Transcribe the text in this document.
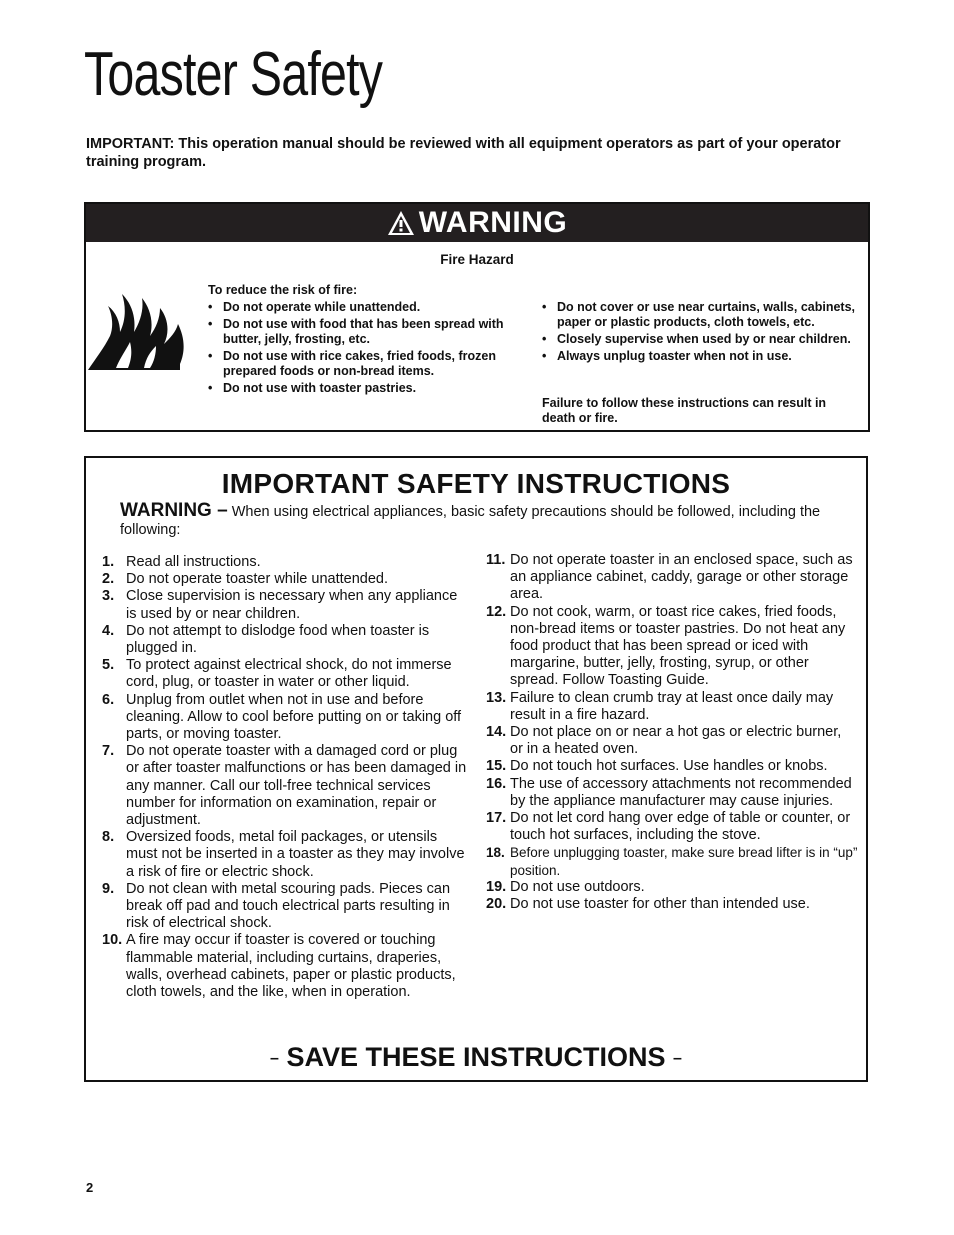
Toaster Safety
IMPORTANT: This operation manual should be reviewed with all equipment operators as part of your operator training program.
WARNING
Fire Hazard
To reduce the risk of fire:
• Do not operate while unattended.
• Do not use with food that has been spread with butter, jelly, frosting, etc.
• Do not use with rice cakes, fried foods, frozen prepared foods or non-bread items.
• Do not use with toaster pastries.
• Do not cover or use near curtains, walls, cabinets, paper or plastic products, cloth towels, etc.
• Closely supervise when used by or near children.
• Always unplug toaster when not in use.
Failure to follow these instructions can result in death or fire.
IMPORTANT SAFETY INSTRUCTIONS
WARNING – When using electrical appliances, basic safety precautions should be followed, including the following:
1. Read all instructions.
2. Do not operate toaster while unattended.
3. Close supervision is necessary when any appliance is used by or near children.
4. Do not attempt to dislodge food when toaster is plugged in.
5. To protect against electrical shock, do not immerse cord, plug, or toaster in water or other liquid.
6. Unplug from outlet when not in use and before cleaning. Allow to cool before putting on or taking off parts, or moving toaster.
7. Do not operate toaster with a damaged cord or plug or after toaster malfunctions or has been damaged in any manner. Call our toll-free technical services number for information on examination, repair or adjustment.
8. Oversized foods, metal foil packages, or utensils must not be inserted in a toaster as they may involve a risk of fire or electric shock.
9. Do not clean with metal scouring pads. Pieces can break off pad and touch electrical parts resulting in risk of electrical shock.
10. A fire may occur if toaster is covered or touching flammable material, including curtains, draperies, walls, overhead cabinets, paper or plastic products, cloth towels, and the like, when in operation.
11. Do not operate toaster in an enclosed space, such as an appliance cabinet, caddy, garage or other storage area.
12. Do not cook, warm, or toast rice cakes, fried foods, non-bread items or toaster pastries. Do not heat any food product that has been spread or iced with margarine, butter, jelly, frosting, syrup, or other spread. Follow Toasting Guide.
13. Failure to clean crumb tray at least once daily may result in a fire hazard.
14. Do not place on or near a hot gas or electric burner, or in a heated oven.
15. Do not touch hot surfaces. Use handles or knobs.
16. The use of accessory attachments not recommended by the appliance manufacturer may cause injuries.
17. Do not let cord hang over edge of table or counter, or touch hot surfaces, including the stove.
18. Before unplugging toaster, make sure bread lifter is in “up” position.
19. Do not use outdoors.
20. Do not use toaster for other than intended use.
– SAVE THESE INSTRUCTIONS –
2
